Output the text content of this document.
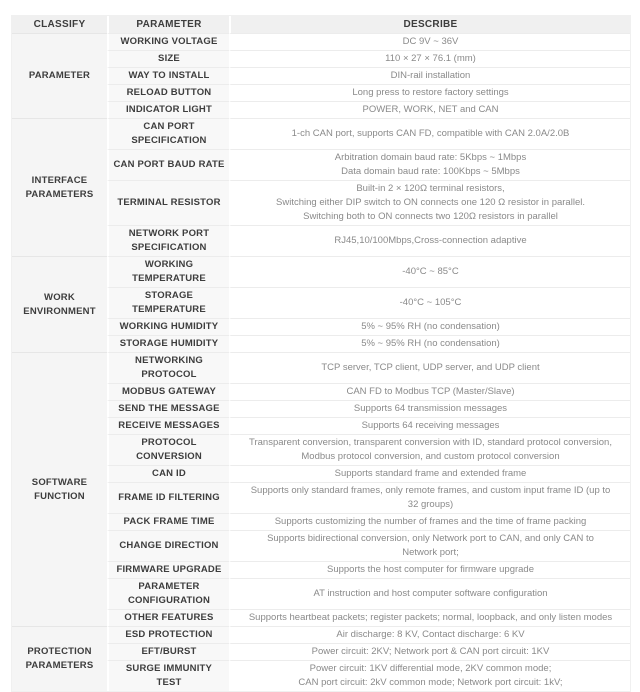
CLASSIFY	PARAMETER	DESCRIBE
PARAMETER	WORKING VOLTAGE	DC 9V ~ 36V

	SIZE	110 × 27 × 76.1 (mm)

	WAY TO INSTALL	DIN-rail installation

	RELOAD BUTTON	Long press to restore factory settings

	INDICATOR LIGHT	POWER, WORK, NET and CAN

INTERFACE PARAMETERS	CAN PORT SPECIFICATION	1-ch CAN port, supports CAN FD, compatible with CAN 2.0A/2.0B

	CAN PORT BAUD RATE	Arbitration domain baud rate: 5Kbps ~ 1Mbps
Data domain baud rate: 100Kbps ~ 5Mbps

	TERMINAL RESISTOR	Built-in 2 × 120Ω terminal resistors,
Switching either DIP switch to ON connects one 120 Ω resistor in parallel.
Switching both to ON connects two 120Ω resistors in parallel

	NETWORK PORT SPECIFICATION	RJ45,10/100Mbps,Cross-connection adaptive

WORK ENVIRONMENT	WORKING TEMPERATURE	-40°C ~ 85°C

	STORAGE TEMPERATURE	-40°C ~ 105°C

	WORKING HUMIDITY	5% ~ 95% RH (no condensation)

	STORAGE HUMIDITY	5% ~ 95% RH (no condensation)

SOFTWARE FUNCTION	NETWORKING PROTOCOL	TCP server, TCP client, UDP server, and UDP client

	MODBUS GATEWAY	CAN FD to Modbus TCP (Master/Slave)

	SEND THE MESSAGE	Supports 64 transmission messages

	RECEIVE MESSAGES	Supports 64 receiving messages

	PROTOCOL CONVERSION	Transparent conversion, transparent conversion with ID, standard protocol conversion,
Modbus protocol conversion, and custom protocol conversion

	CAN ID	Supports standard frame and extended frame

	FRAME ID FILTERING	Supports only standard frames, only remote frames, and custom input frame ID (up to
32 groups)

	PACK FRAME TIME	Supports customizing the number of frames and the time of frame packing

	CHANGE DIRECTION	Supports bidirectional conversion, only Network port to CAN, and only CAN to
Network port;

	FIRMWARE UPGRADE	Supports the host computer for firmware upgrade

	PARAMETER CONFIGURATION	AT instruction and host computer software configuration

	OTHER FEATURES	Supports heartbeat packets; register packets; normal, loopback, and only listen modes

PROTECTION PARAMETERS	ESD PROTECTION	Air discharge: 8 KV, Contact discharge: 6 KV

	EFT/BURST	Power circuit: 2KV; Network port & CAN port circuit: 1KV

	SURGE IMMUNITY TEST	Power circuit: 1KV differential mode, 2KV common mode;
CAN port circuit: 2kV common mode; Network port circuit: 1kV;
